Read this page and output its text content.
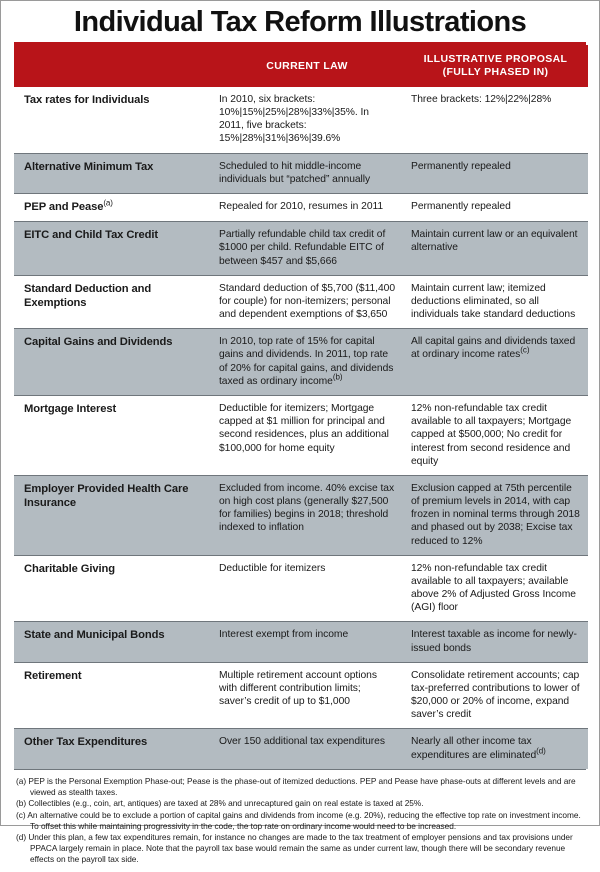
Individual Tax Reform Illustrations
	CURRENT LAW	ILLUSTRATIVE PROPOSAL
(FULLY PHASED IN)
Tax rates for Individuals	In 2010, six brackets: 10%|15%|25%|28%|33%|35%. In 2011, five brackets: 15%|28%|31%|36%|39.6%	Three brackets: 12%|22%|28%
Alternative Minimum Tax	Scheduled to hit middle-income individuals but “patched” annually	Permanently repealed
PEP and Pease$^{(a)}$	Repealed for 2010, resumes in 2011	Permanently repealed
EITC and Child Tax Credit	Partially refundable child tax credit of $1000 per child. Refundable EITC of between $457 and $5,666	Maintain current law or an equivalent alternative
Standard Deduction and Exemptions	Standard deduction of $5,700 ($11,400 for couple) for non-itemizers; personal and dependent exemptions of $3,650	Maintain current law; itemized deductions eliminated, so all individuals take standard deductions
Capital Gains and Dividends	In 2010, top rate of 15% for capital gains and dividends. In 2011, top rate of 20% for capital gains, and dividends taxed as ordinary income$^{(b)}$	All capital gains and dividends taxed at ordinary income rates$^{(c)}$
Mortgage Interest	Deductible for itemizers; Mortgage capped at $1 million for principal and second residences, plus an additional $100,000 for home equity	12% non-refundable tax credit available to all taxpayers; Mortgage capped at $500,000; No credit for interest from second residence and equity
Employer Provided Health Care Insurance	Excluded from income. 40% excise tax on high cost plans (generally $27,500 for families) begins in 2018; threshold indexed to inflation	Exclusion capped at 75th percentile of premium levels in 2014, with cap frozen in nominal terms through 2018 and phased out by 2038; Excise tax reduced to 12%
Charitable Giving	Deductible for itemizers	12% non-refundable tax credit available to all taxpayers; available above 2% of Adjusted Gross Income (AGI) floor
State and Municipal Bonds	Interest exempt from income	Interest taxable as income for newly-issued bonds
Retirement	Multiple retirement account options with different contribution limits; saver’s credit of up to $1,000	Consolidate retirement accounts; cap tax-preferred contributions to lower of $20,000 or 20% of income, expand saver’s credit
Other Tax Expenditures	Over 150 additional tax expenditures	Nearly all other income tax expenditures are eliminated$^{(d)}$
(a) PEP is the Personal Exemption Phase-out; Pease is the phase-out of itemized deductions. PEP and Pease have phase-outs at different levels and are viewed as stealth taxes.
(b) Collectibles (e.g., coin, art, antiques) are taxed at 28% and unrecaptured gain on real estate is taxed at 25%.
(c) An alternative could be to exclude a portion of capital gains and dividends from income (e.g. 20%), reducing the effective top rate on investment income. To offset this while maintaining progressivity in the code, the top rate on ordinary income would need to be increased.
(d) Under this plan, a few tax expenditures remain, for instance no changes are made to the tax treatment of employer pensions and tax provisions under PPACA largely remain in place. Note that the payroll tax base would remain the same as under current law, though there will be secondary revenue effects on the payroll tax side.
